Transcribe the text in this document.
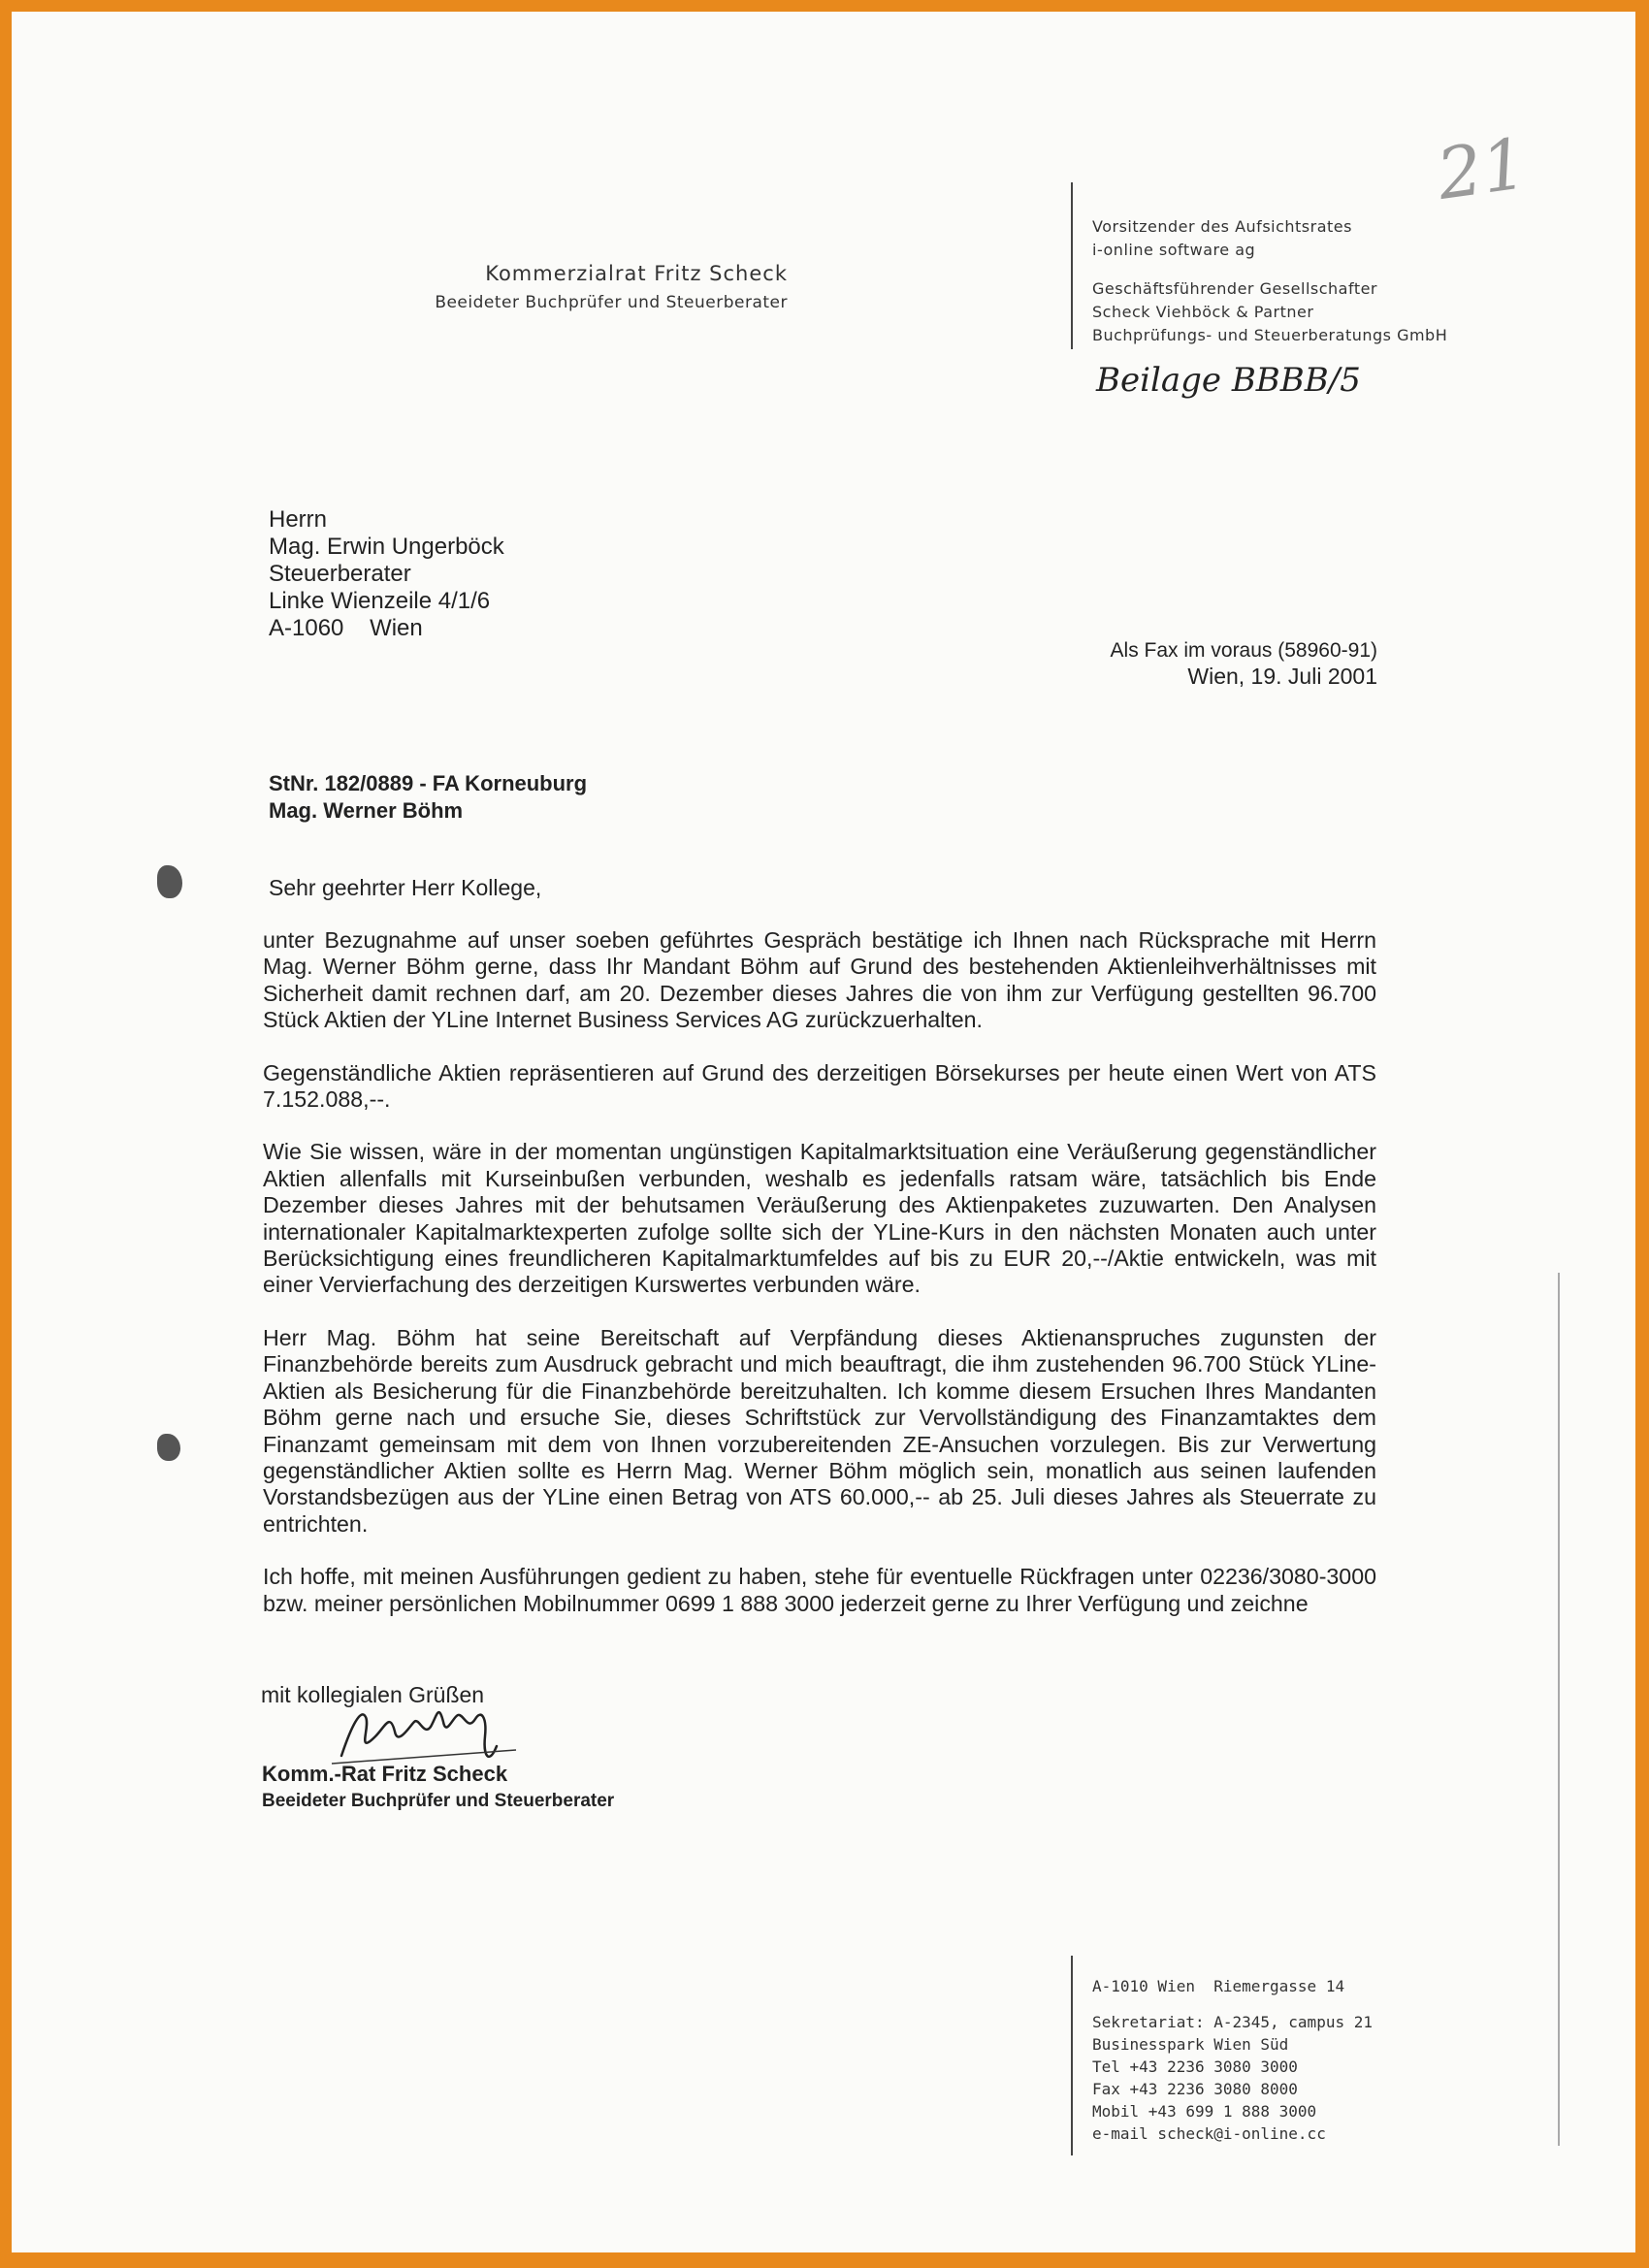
21
Kommerzialrat Fritz Scheck
Beeideter Buchprüfer und Steuerberater
Vorsitzender des Aufsichtsrates
i-online software ag
Geschäftsführender Gesellschafter
Scheck Viehböck & Partner
Buchprüfungs- und Steuerberatungs GmbH
Beilage BBBB/5
Herrn
Mag. Erwin Ungerböck
Steuerberater
Linke Wienzeile 4/1/6
A-1060    Wien
Als Fax im voraus (58960-91)
Wien, 19. Juli 2001
StNr. 182/0889 - FA Korneuburg
Mag. Werner Böhm
Sehr geehrter Herr Kollege,

unter Bezugnahme auf unser soeben geführtes Gespräch bestätige ich Ihnen nach Rücksprache mit Herrn Mag. Werner Böhm gerne, dass Ihr Mandant Böhm auf Grund des bestehenden Aktienleihverhältnisses mit Sicherheit damit rechnen darf, am 20. Dezember dieses Jahres die von ihm zur Verfügung gestellten 96.700 Stück Aktien der YLine Internet Business Services AG zurückzuerhalten.

Gegenständliche Aktien repräsentieren auf Grund des derzeitigen Börsekurses per heute einen Wert von ATS 7.152.088,--.

Wie Sie wissen, wäre in der momentan ungünstigen Kapitalmarktsituation eine Veräußerung gegenständlicher Aktien allenfalls mit Kurseinbußen verbunden, weshalb es jedenfalls ratsam wäre, tatsächlich bis Ende Dezember dieses Jahres mit der behutsamen Veräußerung des Aktienpaketes zuzuwarten. Den Analysen internationaler Kapitalmarktexperten zufolge sollte sich der YLine-Kurs in den nächsten Monaten auch unter Berücksichtigung eines freundlicheren Kapitalmarktumfeldes auf bis zu EUR 20,--/Aktie entwickeln, was mit einer Vervierfachung des derzeitigen Kurswertes verbunden wäre.

Herr Mag. Böhm hat seine Bereitschaft auf Verpfändung dieses Aktienanspruches zugunsten der Finanzbehörde bereits zum Ausdruck gebracht und mich beauftragt, die ihm zustehenden 96.700 Stück YLine-Aktien als Besicherung für die Finanzbehörde bereitzuhalten. Ich komme diesem Ersuchen Ihres Mandanten Böhm gerne nach und ersuche Sie, dieses Schriftstück zur Vervollständigung des Finanzamtaktes dem Finanzamt gemeinsam mit dem von Ihnen vorzubereitenden ZE-Ansuchen vorzulegen. Bis zur Verwertung gegenständlicher Aktien sollte es Herrn Mag. Werner Böhm möglich sein, monatlich aus seinen laufenden Vorstandsbezügen aus der YLine einen Betrag von ATS 60.000,-- ab 25. Juli dieses Jahres als Steuerrate zu entrichten.

Ich hoffe, mit meinen Ausführungen gedient zu haben, stehe für eventuelle Rückfragen unter 02236/3080-3000 bzw. meiner persönlichen Mobilnummer 0699 1 888 3000 jederzeit gerne zu Ihrer Verfügung und zeichne

mit kollegialen Grüßen
Komm.-Rat Fritz Scheck
Beeideter Buchprüfer und Steuerberater
A-1010 Wien  Riemergasse 14
Sekretariat: A-2345, campus 21
Businesspark Wien Süd
Tel +43 2236 3080 3000
Fax +43 2236 3080 8000
Mobil +43 699 1 888 3000
e-mail scheck@i-online.cc
